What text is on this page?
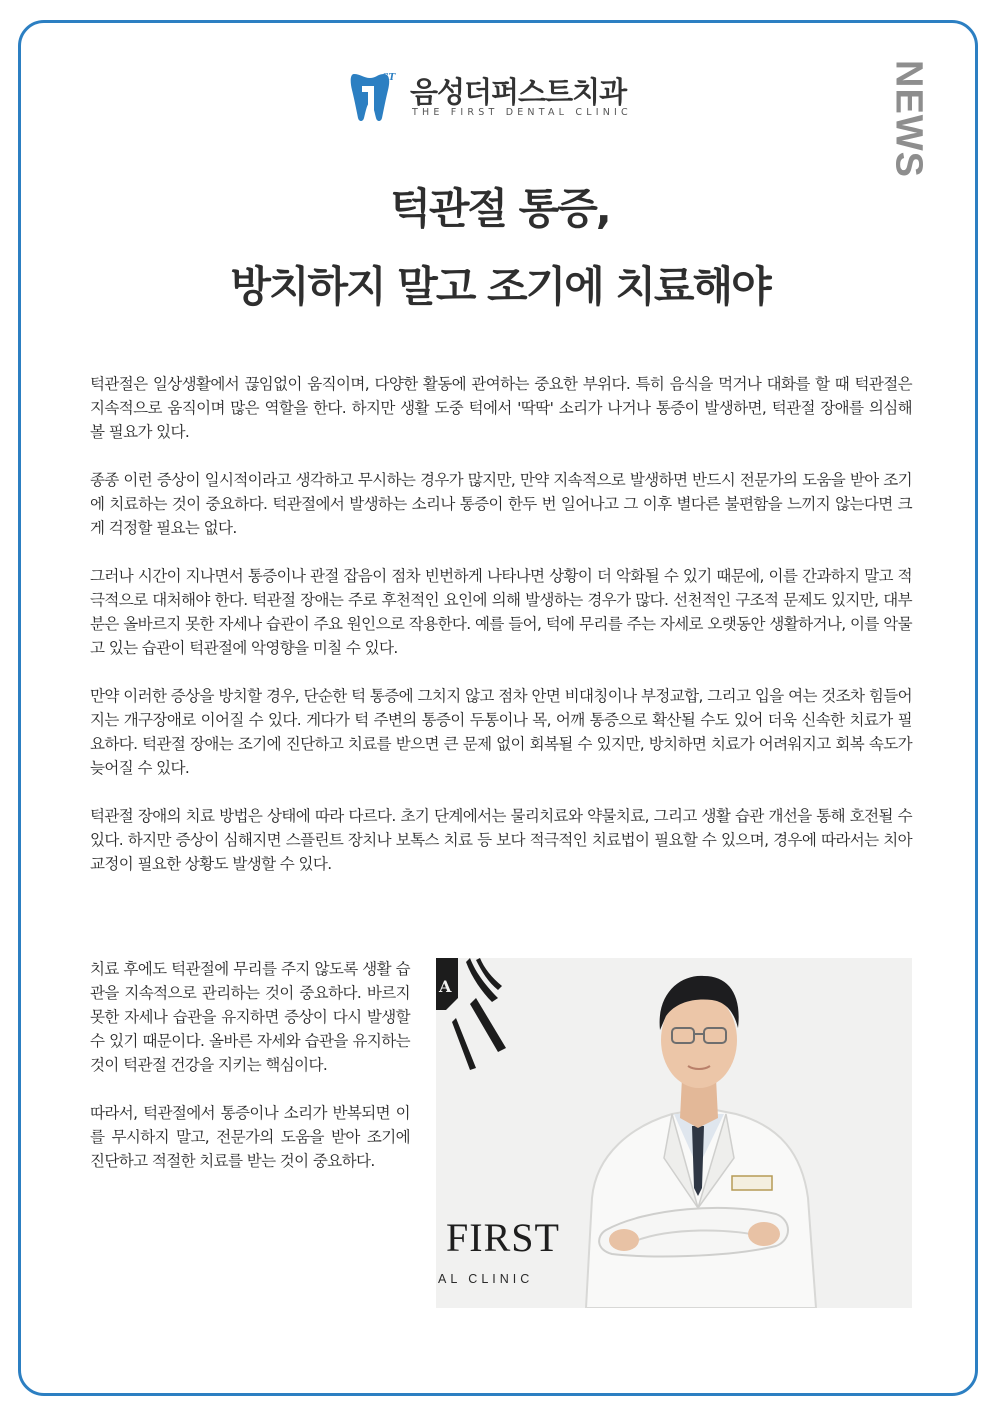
ST 음성더퍼스트치과
THE FIRST DENTAL CLINIC	NEWS
턱관절 통증,
방치하지 말고 조기에 치료해야

턱관절은 일상생활에서 끊임없이 움직이며, 다양한 활동에 관여하는 중요한 부위다. 특히 음식을 먹거나 대화를 할 때 턱관절은 지속적으로 움직이며 많은 역할을 한다. 하지만 생활 도중 턱에서 '딱딱' 소리가 나거나 통증이 발생하면, 턱관절 장애를 의심해 볼 필요가 있다.

종종 이런 증상이 일시적이라고 생각하고 무시하는 경우가 많지만, 만약 지속적으로 발생하면 반드시 전문가의 도움을 받아 조기에 치료하는 것이 중요하다. 턱관절에서 발생하는 소리나 통증이 한두 번 일어나고 그 이후 별다른 불편함을 느끼지 않는다면 크게 걱정할 필요는 없다.

그러나 시간이 지나면서 통증이나 관절 잡음이 점차 빈번하게 나타나면 상황이 더 악화될 수 있기 때문에, 이를 간과하지 말고 적극적으로 대처해야 한다. 턱관절 장애는 주로 후천적인 요인에 의해 발생하는 경우가 많다. 선천적인 구조적 문제도 있지만, 대부분은 올바르지 못한 자세나 습관이 주요 원인으로 작용한다. 예를 들어, 턱에 무리를 주는 자세로 오랫동안 생활하거나, 이를 악물고 있는 습관이 턱관절에 악영향을 미칠 수 있다.

만약 이러한 증상을 방치할 경우, 단순한 턱 통증에 그치지 않고 점차 안면 비대칭이나 부정교합, 그리고 입을 여는 것조차 힘들어지는 개구장애로 이어질 수 있다. 게다가 턱 주변의 통증이 두통이나 목, 어깨 통증으로 확산될 수도 있어 더욱 신속한 치료가 필요하다. 턱관절 장애는 조기에 진단하고 치료를 받으면 큰 문제 없이 회복될 수 있지만, 방치하면 치료가 어려워지고 회복 속도가 늦어질 수 있다.

턱관절 장애의 치료 방법은 상태에 따라 다르다. 초기 단계에서는 물리치료와 약물치료, 그리고 생활 습관 개선을 통해 호전될 수 있다. 하지만 증상이 심해지면 스플린트 장치나 보톡스 치료 등 보다 적극적인 치료법이 필요할 수 있으며, 경우에 따라서는 치아교정이 필요한 상황도 발생할 수 있다.

치료 후에도 턱관절에 무리를 주지 않도록 생활 습관을 지속적으로 관리하는 것이 중요하다. 바르지 못한 자세나 습관을 유지하면 증상이 다시 발생할 수 있기 때문이다. 올바른 자세와 습관을 유지하는 것이 턱관절 건강을 지키는 핵심이다.

따라서, 턱관절에서 통증이나 소리가 반복되면 이를 무시하지 말고, 전문가의 도움을 받아 조기에 진단하고 적절한 치료를 받는 것이 중요하다.

A
FIRST
AL CLINIC
